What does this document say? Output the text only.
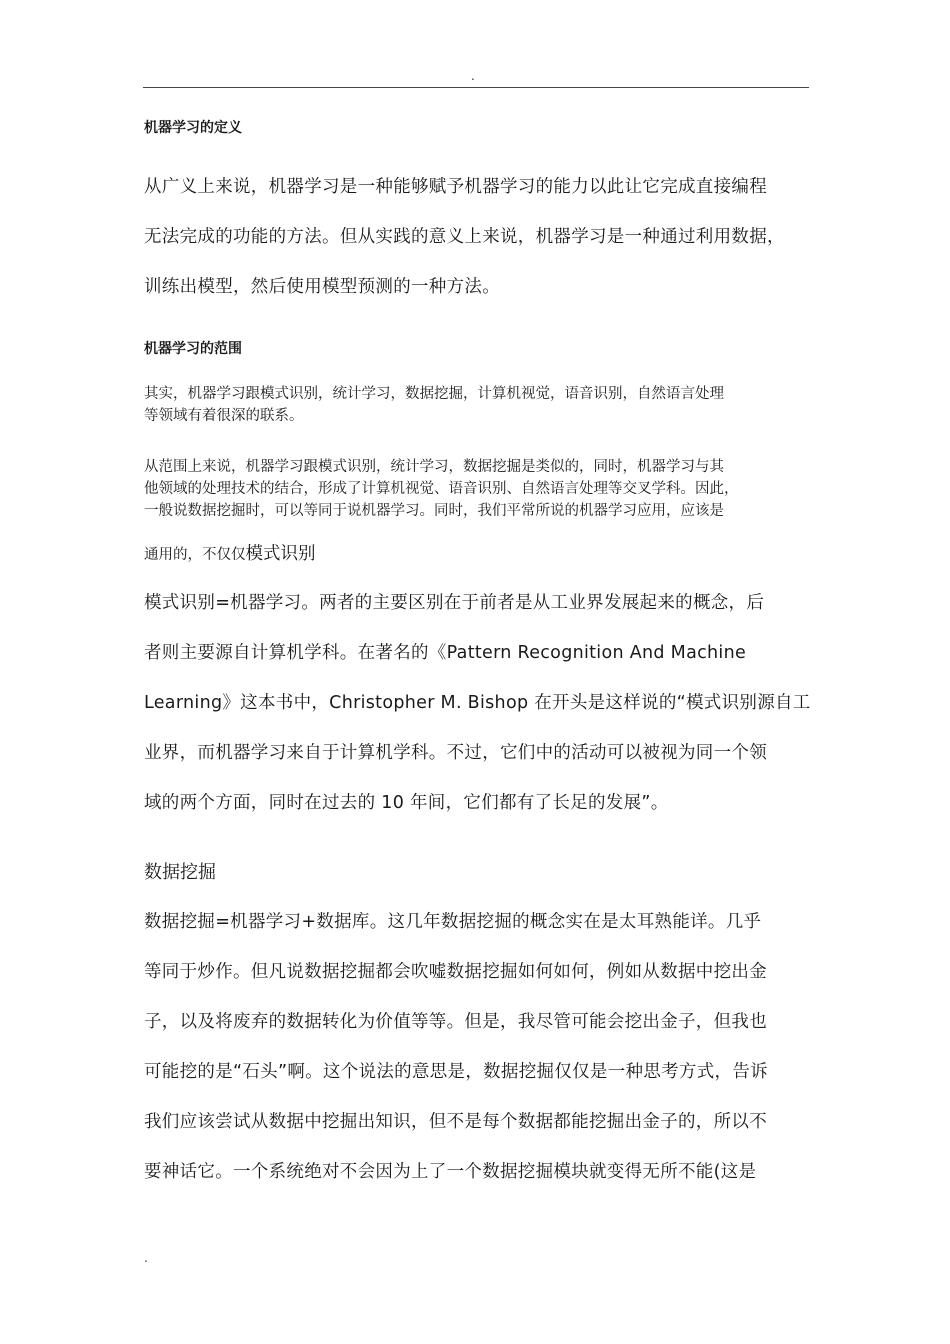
.
机器学习的定义
从广义上来说，机器学习是一种能够赋予机器学习的能力以此让它完成直接编程
无法完成的功能的方法。但从实践的意义上来说，机器学习是一种通过利用数据，
训练出模型，然后使用模型预测的一种方法。
机器学习的范围
其实，机器学习跟模式识别，统计学习，数据挖掘，计算机视觉，语音识别，自然语言处理
等领域有着很深的联系。
从范围上来说，机器学习跟模式识别，统计学习，数据挖掘是类似的，同时，机器学习与其
他领域的处理技术的结合，形成了计算机视觉、语音识别、自然语言处理等交叉学科。因此，
一般说数据挖掘时，可以等同于说机器学习。同时，我们平常所说的机器学习应用，应该是
通用的，不仅仅模式识别
模式识别=机器学习。两者的主要区别在于前者是从工业界发展起来的概念，后
者则主要源自计算机学科。在著名的《Pattern Recognition And Machine
Learning》这本书中，Christopher M. Bishop 在开头是这样说的“模式识别源自工
业界，而机器学习来自于计算机学科。不过，它们中的活动可以被视为同一个领
域的两个方面，同时在过去的 10 年间，它们都有了长足的发展”。
数据挖掘
数据挖掘=机器学习+数据库。这几年数据挖掘的概念实在是太耳熟能详。几乎
等同于炒作。但凡说数据挖掘都会吹嘘数据挖掘如何如何，例如从数据中挖出金
子，以及将废弃的数据转化为价值等等。但是，我尽管可能会挖出金子，但我也
可能挖的是“石头”啊。这个说法的意思是，数据挖掘仅仅是一种思考方式，告诉
我们应该尝试从数据中挖掘出知识，但不是每个数据都能挖掘出金子的，所以不
要神话它。一个系统绝对不会因为上了一个数据挖掘模块就变得无所不能(这是
.
